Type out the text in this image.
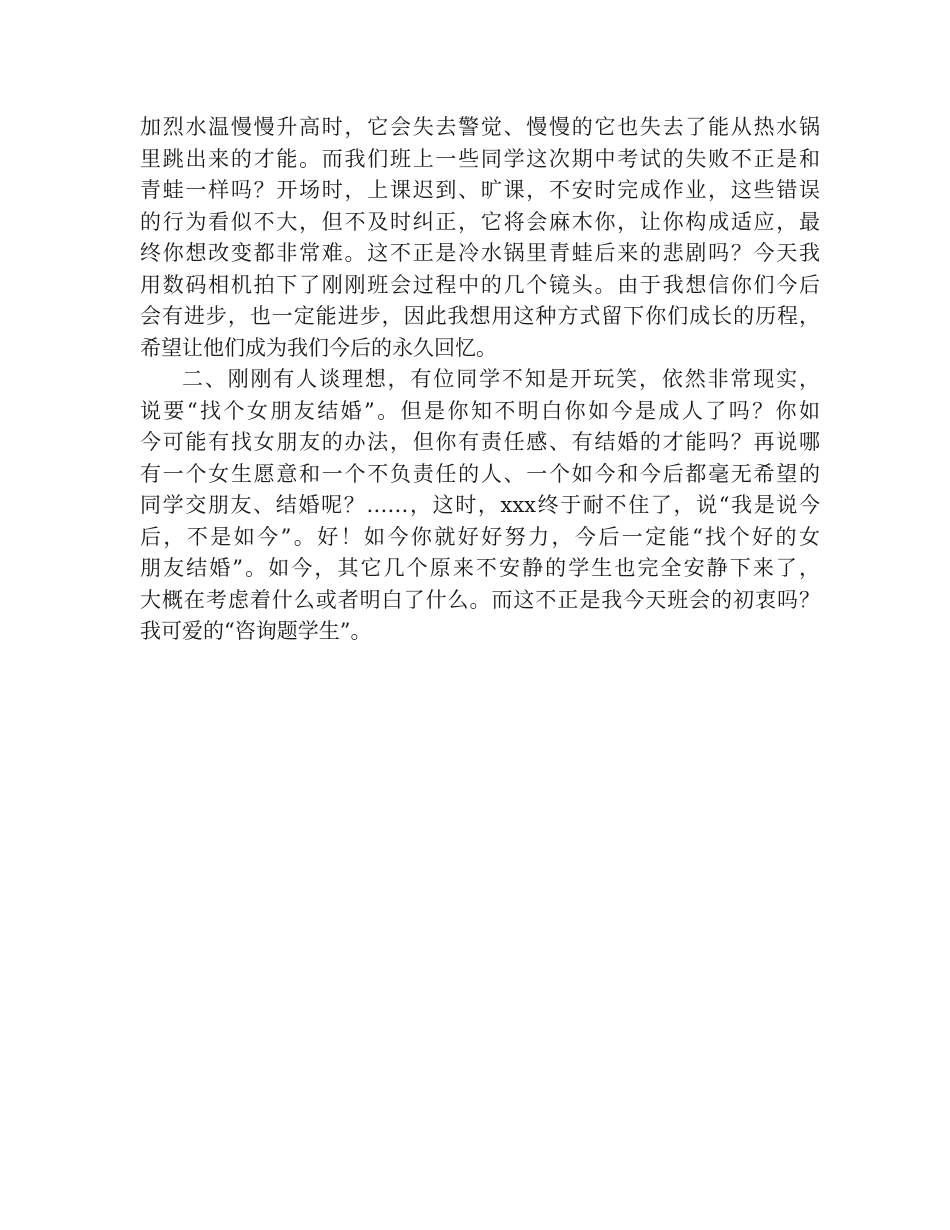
加烈水温慢慢升高时，它会失去警觉、慢慢的它也失去了能从热水锅
里跳出来的才能。而我们班上一些同学这次期中考试的失败不正是和
青蛙一样吗？开场时，上课迟到、旷课，不安时完成作业，这些错误
的行为看似不大，但不及时纠正，它将会麻木你，让你构成适应，最
终你想改变都非常难。这不正是冷水锅里青蛙后来的悲剧吗？今天我
用数码相机拍下了刚刚班会过程中的几个镜头。由于我想信你们今后
会有进步，也一定能进步，因此我想用这种方式留下你们成长的历程，
希望让他们成为我们今后的永久回忆。
二、刚刚有人谈理想，有位同学不知是开玩笑，依然非常现实，
说要“找个女朋友结婚”。但是你知不明白你如今是成人了吗？你如
今可能有找女朋友的办法，但你有责任感、有结婚的才能吗？再说哪
有一个女生愿意和一个不负责任的人、一个如今和今后都毫无希望的
同学交朋友、结婚呢？……，这时，xxx终于耐不住了，说“我是说今
后，不是如今”。好！如今你就好好努力，今后一定能“找个好的女
朋友结婚”。如今，其它几个原来不安静的学生也完全安静下来了，
大概在考虑着什么或者明白了什么。而这不正是我今天班会的初衷吗？
我可爱的“咨询题学生”。
